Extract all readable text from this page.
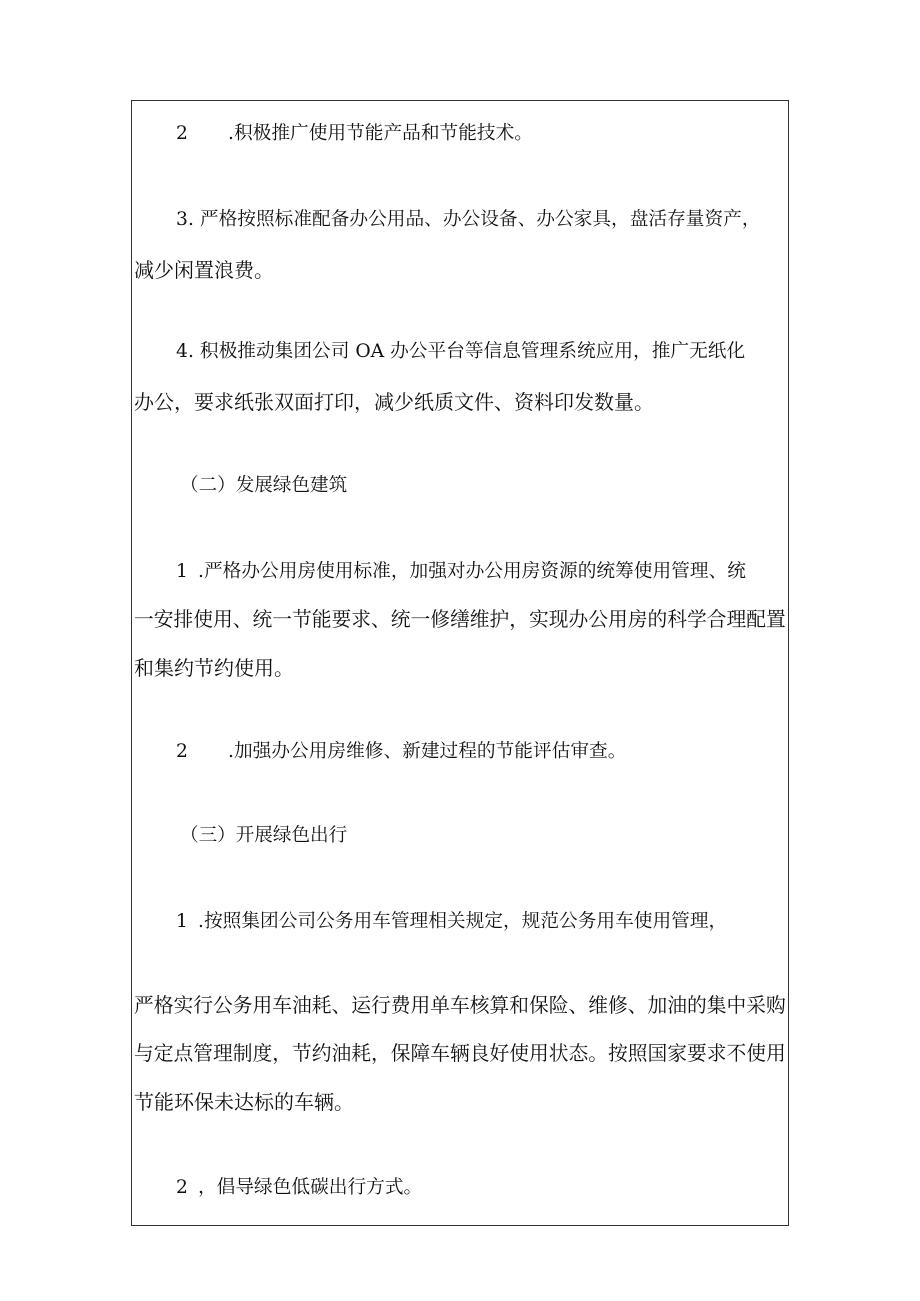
2 .积极推广使用节能产品和节能技术。
3. 严格按照标准配备办公用品、办公设备、办公家具，盘活存量资产，
减少闲置浪费。
4. 积极推动集团公司 OA 办公平台等信息管理系统应用，推广无纸化
办公，要求纸张双面打印，减少纸质文件、资料印发数量。
（二）发展绿色建筑
1 .严格办公用房使用标准，加强对办公用房资源的统筹使用管理、统
一安排使用、统一节能要求、统一修缮维护，实现办公用房的科学合理配置
和集约节约使用。
2 .加强办公用房维修、新建过程的节能评估审查。
（三）开展绿色出行
1 .按照集团公司公务用车管理相关规定，规范公务用车使用管理，
严格实行公务用车油耗、运行费用单车核算和保险、维修、加油的集中采购
与定点管理制度，节约油耗，保障车辆良好使用状态。按照国家要求不使用
节能环保未达标的车辆。
2 ，倡导绿色低碳出行方式。
